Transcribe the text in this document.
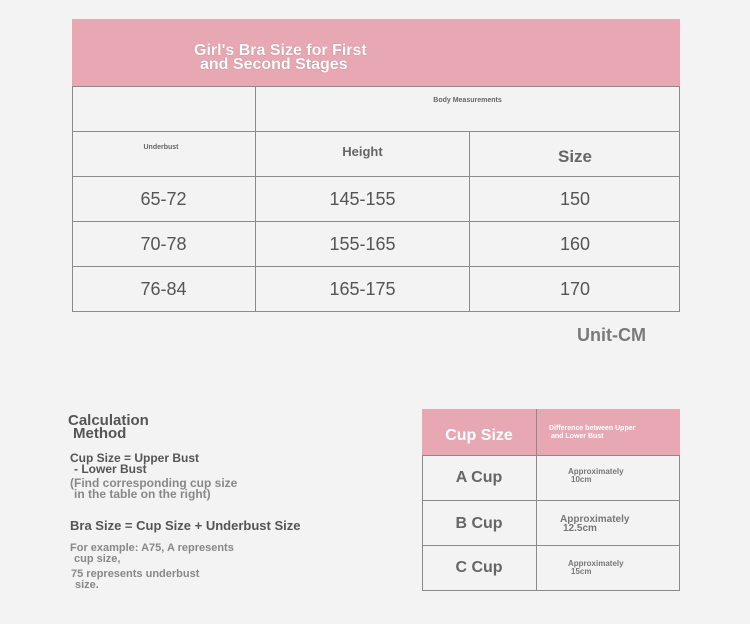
Girl's Bra Size for First
and Second Stages
Body Measurements
Underbust	Height	Size
65-72	145-155	150
70-78	155-165	160
76-84	165-175	170
Unit-CM
Calculation
Method
Cup Size = Upper Bust
- Lower Bust
(Find corresponding cup size
in the table on the right)
Bra Size = Cup Size + Underbust Size
For example: A75, A represents
cup size,
75 represents underbust
size.
Cup Size	Difference between Upper
and Lower Bust
A Cup	Approximately
10cm
B Cup	Approximately
12.5cm
C Cup	Approximately
15cm
